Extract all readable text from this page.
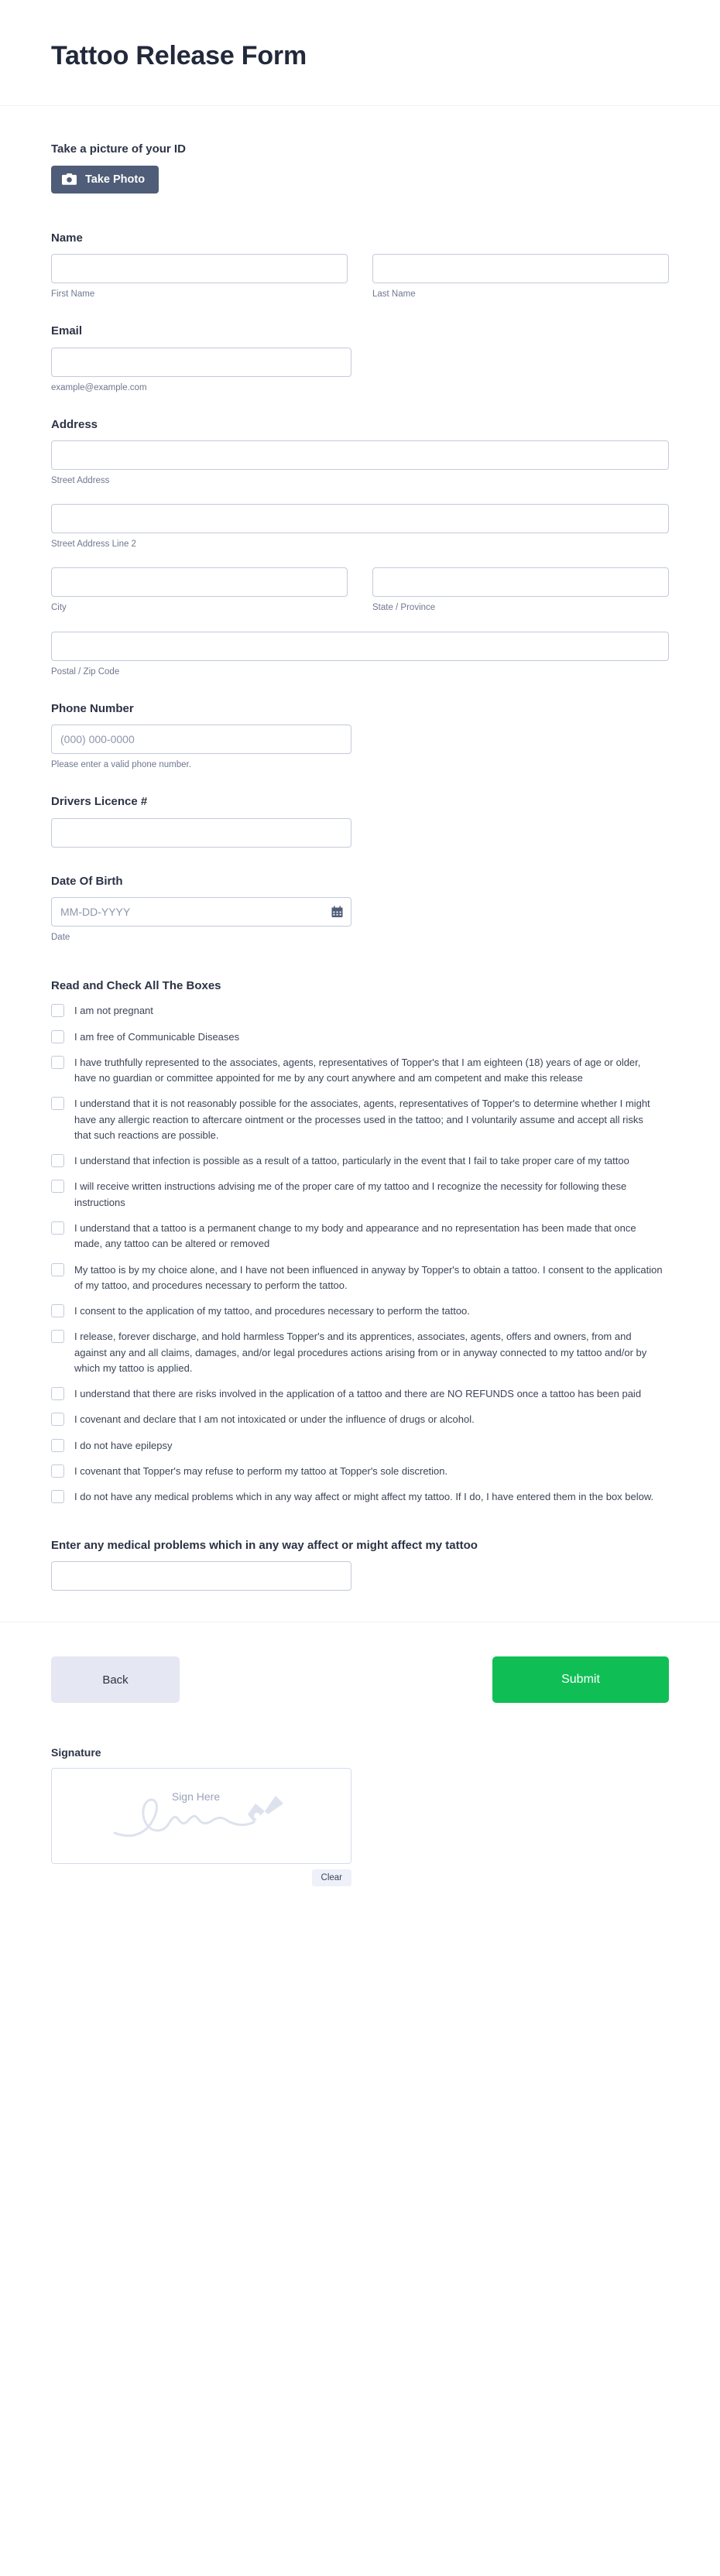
Tattoo Release Form
Take a picture of your ID
Take Photo
Name
First Name	Last Name
Email
example@example.com
Address
Street Address
Street Address Line 2
City	State / Province
Postal / Zip Code
Phone Number
(000) 000-0000
Please enter a valid phone number.
Drivers Licence #
Date Of Birth
MM-DD-YYYY
Date
Read and Check All The Boxes
I am not pregnant
I am free of Communicable Diseases
I have truthfully represented to the associates, agents, representatives of Topper's that I am eighteen (18) years of age or older, have no guardian or committee appointed for me by any court anywhere and am competent and make this release
I understand that it is not reasonably possible for the associates, agents, representatives of Topper's to determine whether I might have any allergic reaction to aftercare ointment or the processes used in the tattoo; and I voluntarily assume and accept all risks that such reactions are possible.
I understand that infection is possible as a result of a tattoo, particularly in the event that I fail to take proper care of my tattoo
I will receive written instructions advising me of the proper care of my tattoo and I recognize the necessity for following these instructions
I understand that a tattoo is a permanent change to my body and appearance and no representation has been made that once made, any tattoo can be altered or removed
My tattoo is by my choice alone, and I have not been influenced in anyway by Topper's to obtain a tattoo. I consent to the application of my tattoo, and procedures necessary to perform the tattoo.
I consent to the application of my tattoo, and procedures necessary to perform the tattoo.
I release, forever discharge, and hold harmless Topper's and its apprentices, associates, agents, offers and owners, from and against any and all claims, damages, and/or legal procedures actions arising from or in anyway connected to my tattoo and/or by which my tattoo is applied.
I understand that there are risks involved in the application of a tattoo and there are NO REFUNDS once a tattoo has been paid
I covenant and declare that I am not intoxicated or under the influence of drugs or alcohol.
I do not have epilepsy
I covenant that Topper's may refuse to perform my tattoo at Topper's sole discretion.
I do not have any medical problems which in any way affect or might affect my tattoo. If I do, I have entered them in the box below.
Enter any medical problems which in any way affect or might affect my tattoo
Back	Submit
Signature
Sign Here
Clear
